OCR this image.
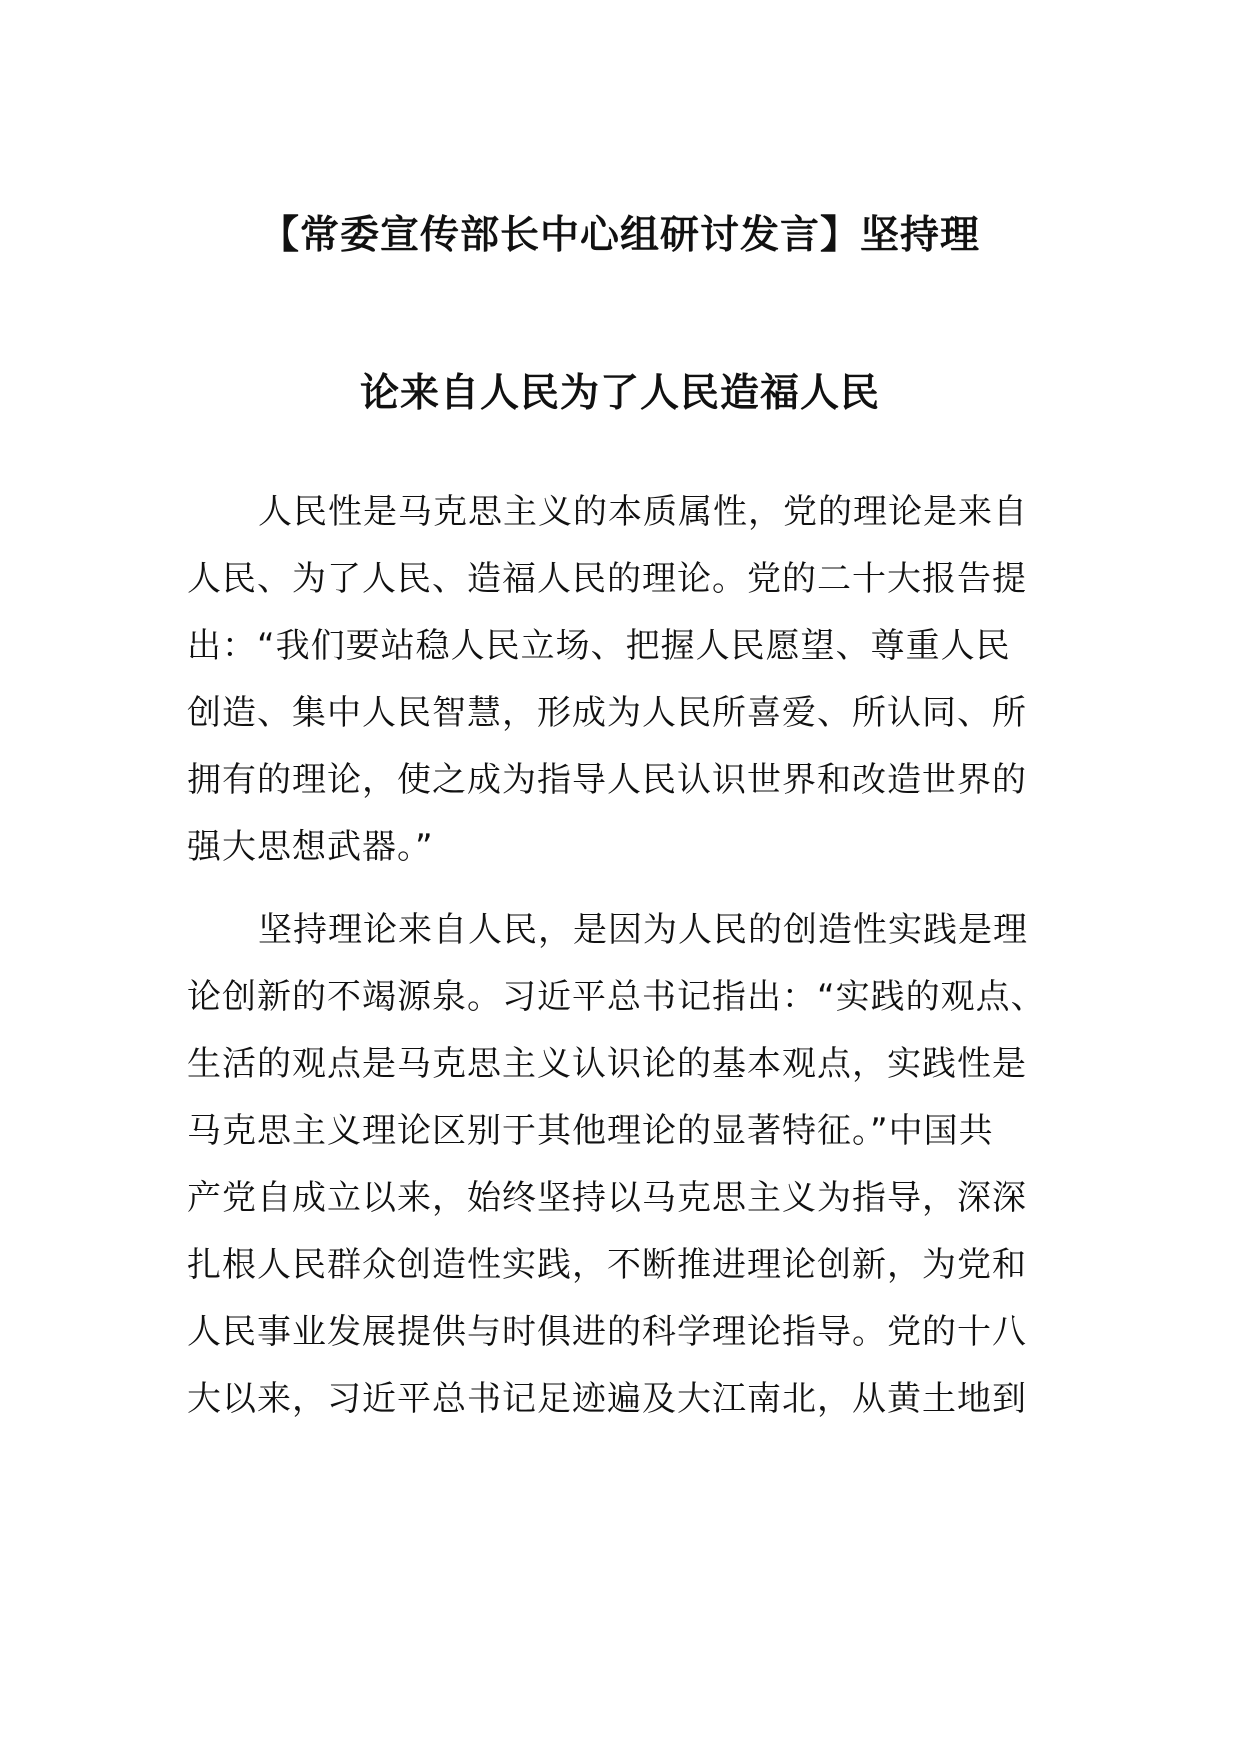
【常委宣传部长中心组研讨发言】坚持理
论来自人民为了人民造福人民
人民性是马克思主义的本质属性，党的理论是来自
人民、为了人民、造福人民的理论。党的二十大报告提
出：“我们要站稳人民立场、把握人民愿望、尊重人民
创造、集中人民智慧，形成为人民所喜爱、所认同、所
拥有的理论，使之成为指导人民认识世界和改造世界的
强大思想武器。”
坚持理论来自人民，是因为人民的创造性实践是理
论创新的不竭源泉。习近平总书记指出：“实践的观点、
生活的观点是马克思主义认识论的基本观点，实践性是
马克思主义理论区别于其他理论的显著特征。”中国共
产党自成立以来，始终坚持以马克思主义为指导，深深
扎根人民群众创造性实践，不断推进理论创新，为党和
人民事业发展提供与时俱进的科学理论指导。党的十八
大以来，习近平总书记足迹遍及大江南北，从黄土地到
